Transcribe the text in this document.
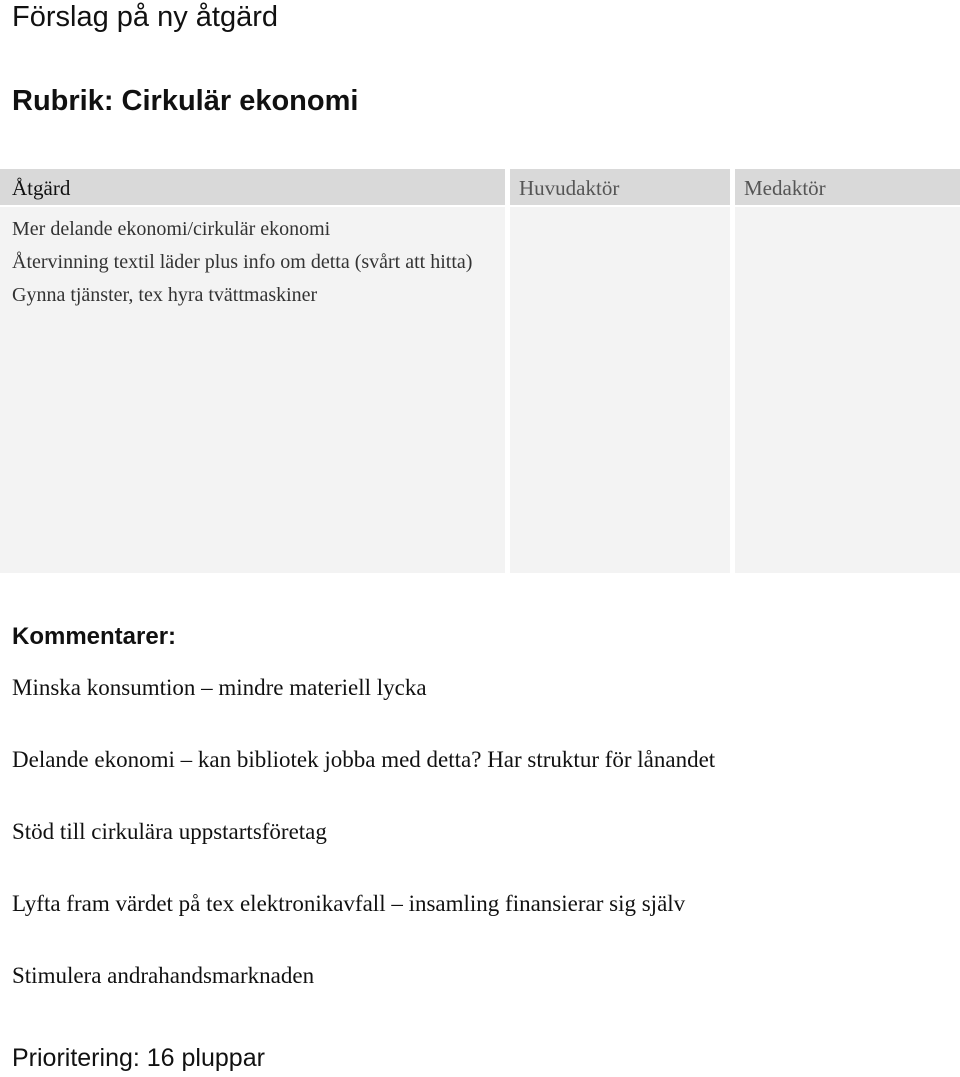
Förslag på ny åtgärd
Rubrik: Cirkulär ekonomi
Åtgärd

Mer delande ekonomi/cirkulär ekonomi

Återvinning textil läder plus info om detta (svårt att hitta)

Gynna tjänster, tex hyra tvättmaskiner

Huvudaktör	Medaktör
Kommentarer:

Minska konsumtion – mindre materiell lycka

Delande ekonomi – kan bibliotek jobba med detta? Har struktur för lånandet

Stöd till cirkulära uppstartsföretag

Lyfta fram värdet på tex elektronikavfall – insamling finansierar sig själv

Stimulera andrahandsmarknaden

Prioritering: 16 pluppar
